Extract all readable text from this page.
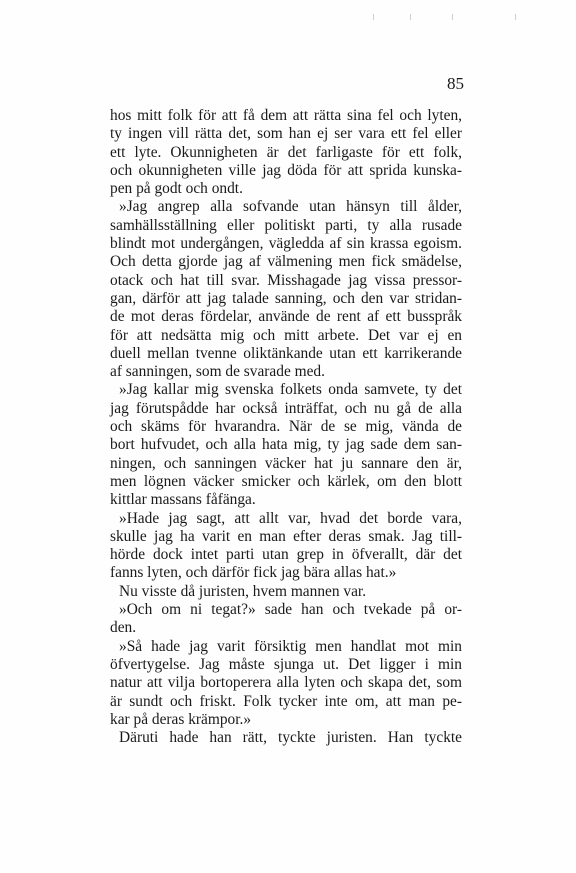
85
hos mitt folk för att få dem att rätta sina fel och lyten,
ty ingen vill rätta det, som han ej ser vara ett fel eller
ett lyte. Okunnigheten är det farligaste för ett folk,
och okunnigheten ville jag döda för att sprida kunska-
pen på godt och ondt.
»Jag angrep alla sofvande utan hänsyn till ålder,
samhällsställning eller politiskt parti, ty alla rusade
blindt mot undergången, vägledda af sin krassa egoism.
Och detta gjorde jag af välmening men fick smädelse,
otack och hat till svar. Misshagade jag vissa pressor-
gan, därför att jag talade sanning, och den var stridan-
de mot deras fördelar, använde de rent af ett busspråk
för att nedsätta mig och mitt arbete. Det var ej en
duell mellan tvenne oliktänkande utan ett karrikerande
af sanningen, som de svarade med.
»Jag kallar mig svenska folkets onda samvete, ty det
jag förutspådde har också inträffat, och nu gå de alla
och skäms för hvarandra. När de se mig, vända de
bort hufvudet, och alla hata mig, ty jag sade dem san-
ningen, och sanningen väcker hat ju sannare den är,
men lögnen väcker smicker och kärlek, om den blott
kittlar massans fåfänga.
»Hade jag sagt, att allt var, hvad det borde vara,
skulle jag ha varit en man efter deras smak. Jag till-
hörde dock intet parti utan grep in öfverallt, där det
fanns lyten, och därför fick jag bära allas hat.»
Nu visste då juristen, hvem mannen var.
»Och om ni tegat?» sade han och tvekade på or-
den.
»Så hade jag varit försiktig men handlat mot min
öfvertygelse. Jag måste sjunga ut. Det ligger i min
natur att vilja bortoperera alla lyten och skapa det, som
är sundt och friskt. Folk tycker inte om, att man pe-
kar på deras krämpor.»
Däruti hade han rätt, tyckte juristen. Han tyckte
